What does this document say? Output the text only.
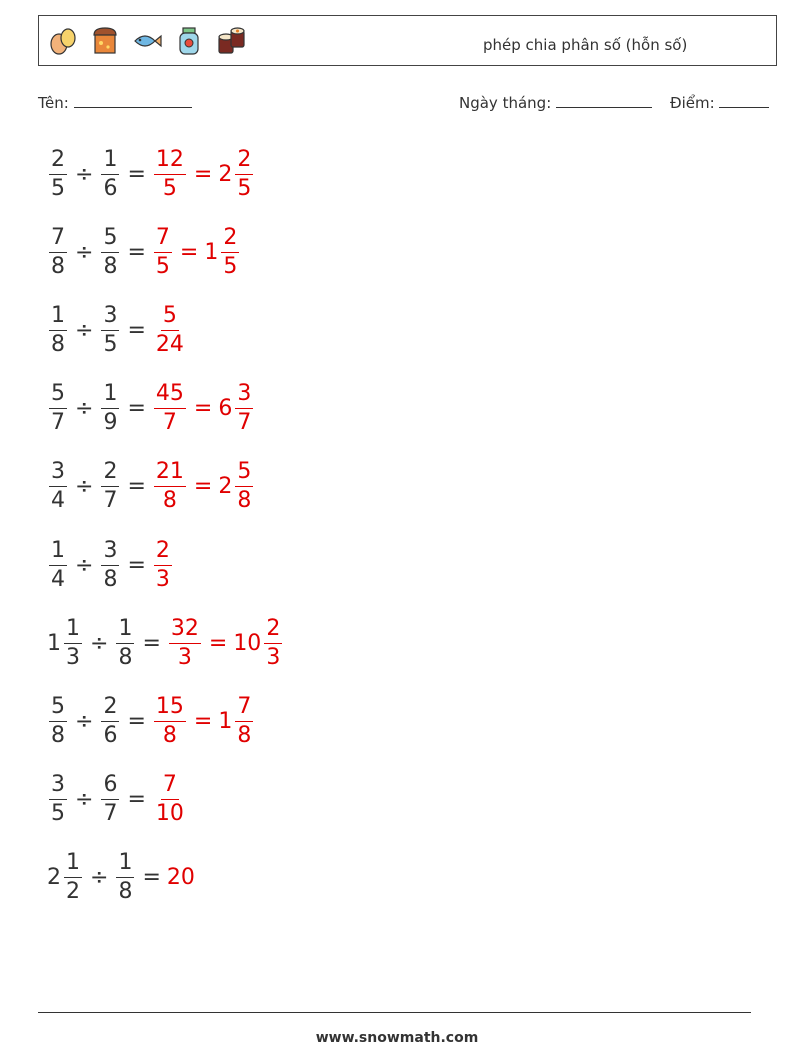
phép chia phân số (hỗn số)
Tên:	Ngày tháng:	Điểm:
$\frac{2}{5} \div \frac{1}{6} = \frac{12}{5} = 2 \frac{2}{5}$
$\frac{7}{8} \div \frac{5}{8} = \frac{7}{5} = 1 \frac{2}{5}$
$\frac{1}{8} \div \frac{3}{5} = \frac{5}{24}$
$\frac{5}{7} \div \frac{1}{9} = \frac{45}{7} = 6 \frac{3}{7}$
$\frac{3}{4} \div \frac{2}{7} = \frac{21}{8} = 2 \frac{5}{8}$
$\frac{1}{4} \div \frac{3}{8} = \frac{2}{3}$
$1 \frac{1}{3} \div \frac{1}{8} = \frac{32}{3} = 10 \frac{2}{3}$
$\frac{5}{8} \div \frac{2}{6} = \frac{15}{8} = 1 \frac{7}{8}$
$\frac{3}{5} \div \frac{6}{7} = \frac{7}{10}$
$2 \frac{1}{2} \div \frac{1}{8} = 20$
www.snowmath.com
